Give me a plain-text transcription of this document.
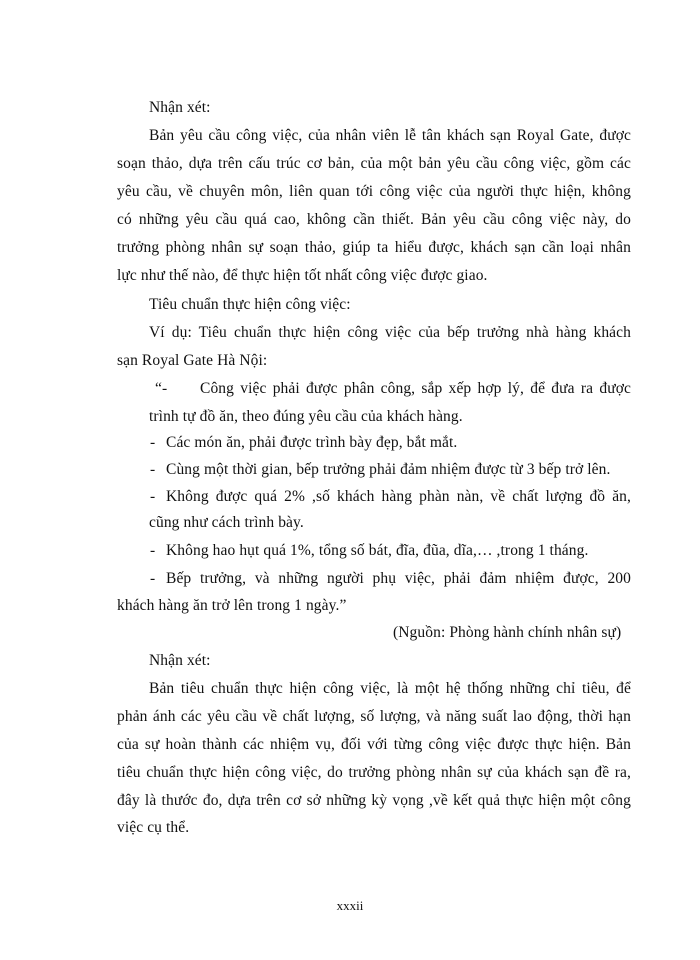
Nhận xét:
Bản yêu cầu công việc, của nhân viên lễ tân khách sạn Royal Gate, được
soạn thảo, dựa trên cấu trúc cơ bản, của một bản yêu cầu công việc, gồm các
yêu cầu, về chuyên môn, liên quan tới công việc của người thực hiện, không
có những yêu cầu quá cao, không cần thiết. Bản yêu cầu công việc này, do
trưởng phòng nhân sự soạn thảo, giúp ta hiểu được, khách sạn cần loại nhân
lực như thế nào, để thực hiện tốt nhất công việc được giao.
Tiêu chuẩn thực hiện công việc:
Ví dụ: Tiêu chuẩn thực hiện công việc của bếp trưởng nhà hàng khách
sạn Royal Gate Hà Nội:
“- Công việc phải được phân công, sắp xếp hợp lý, để đưa ra được
trình tự đồ ăn, theo đúng yêu cầu của khách hàng.
- Các món ăn, phải được trình bày đẹp, bắt mắt.
- Cùng một thời gian, bếp trưởng phải đảm nhiệm được từ 3 bếp trở lên.
- Không được quá 2% ,số khách hàng phàn nàn, về chất lượng đồ ăn,
cũng như cách trình bày.
- Không hao hụt quá 1%, tổng số bát, đĩa, đũa, dĩa,… ,trong 1 tháng.
- Bếp trưởng, và những người phụ việc, phải đảm nhiệm được, 200
khách hàng ăn trở lên trong 1 ngày.”
(Nguồn: Phòng hành chính nhân sự)
Nhận xét:
Bản tiêu chuẩn thực hiện công việc, là một hệ thống những chỉ tiêu, để
phản ánh các yêu cầu về chất lượng, số lượng, và năng suất lao động, thời hạn
của sự hoàn thành các nhiệm vụ, đối với từng công việc được thực hiện. Bản
tiêu chuẩn thực hiện công việc, do trưởng phòng nhân sự của khách sạn đề ra,
đây là thước đo, dựa trên cơ sở những kỳ vọng ,về kết quả thực hiện một công
việc cụ thể.
xxxii
